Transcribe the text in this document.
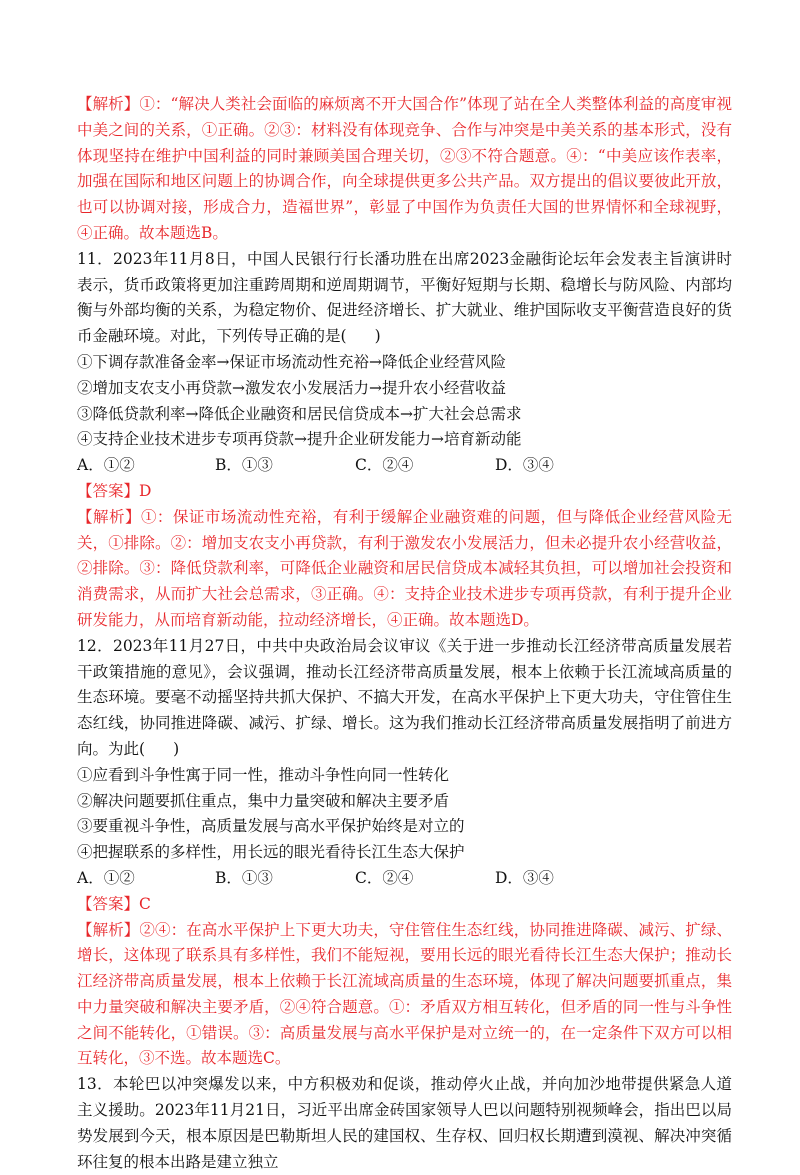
【解析】①：“解决人类社会面临的麻烦离不开大国合作”体现了站在全人类整体利益的高度审视中美之间的关系，①正确。②③：材料没有体现竞争、合作与冲突是中美关系的基本形式，没有体现坚持在维护中国利益的同时兼顾美国合理关切，②③不符合题意。④：“中美应该作表率，加强在国际和地区问题上的协调合作，向全球提供更多公共产品。双方提出的倡议要彼此开放，也可以协调对接，形成合力，造福世界”，彰显了中国作为负责任大国的世界情怀和全球视野，④正确。故本题选B。

11．2023年11月8日，中国人民银行行长潘功胜在出席2023金融街论坛年会发表主旨演讲时表示，货币政策将更加注重跨周期和逆周期调节，平衡好短期与长期、稳增长与防风险、内部均衡与外部均衡的关系，为稳定物价、促进经济增长、扩大就业、维护国际收支平衡营造良好的货币金融环境。对此，下列传导正确的是( )

①下调存款准备金率→保证市场流动性充裕→降低企业经营风险

②增加支农支小再贷款→激发农小发展活力→提升农小经营收益

③降低贷款利率→降低企业融资和居民信贷成本→扩大社会总需求

④支持企业技术进步专项再贷款→提升企业研发能力→培育新动能

A．①②	B．①③	C．②④	D．③④

【答案】D

【解析】①：保证市场流动性充裕，有利于缓解企业融资难的问题，但与降低企业经营风险无关，①排除。②：增加支农支小再贷款，有利于激发农小发展活力，但未必提升农小经营收益，②排除。③：降低贷款利率，可降低企业融资和居民信贷成本减轻其负担，可以增加社会投资和消费需求，从而扩大社会总需求，③正确。④：支持企业技术进步专项再贷款，有利于提升企业研发能力，从而培育新动能，拉动经济增长，④正确。故本题选D。

12．2023年11月27日，中共中央政治局会议审议《关于进一步推动长江经济带高质量发展若干政策措施的意见》，会议强调，推动长江经济带高质量发展，根本上依赖于长江流域高质量的生态环境。要毫不动摇坚持共抓大保护、不搞大开发，在高水平保护上下更大功夫，守住管住生态红线，协同推进降碳、减污、扩绿、增长。这为我们推动长江经济带高质量发展指明了前进方向。为此( )

①应看到斗争性寓于同一性，推动斗争性向同一性转化

②解决问题要抓住重点，集中力量突破和解决主要矛盾

③要重视斗争性，高质量发展与高水平保护始终是对立的

④把握联系的多样性，用长远的眼光看待长江生态大保护

A．①②	B．①③	C．②④	D．③④

【答案】C

【解析】②④：在高水平保护上下更大功夫，守住管住生态红线，协同推进降碳、减污、扩绿、增长，这体现了联系具有多样性，我们不能短视，要用长远的眼光看待长江生态大保护；推动长江经济带高质量发展，根本上依赖于长江流域高质量的生态环境，体现了解决问题要抓重点，集中力量突破和解决主要矛盾，②④符合题意。①：矛盾双方相互转化，但矛盾的同一性与斗争性之间不能转化，①错误。③：高质量发展与高水平保护是对立统一的，在一定条件下双方可以相互转化，③不选。故本题选C。

13．本轮巴以冲突爆发以来，中方积极劝和促谈，推动停火止战，并向加沙地带提供紧急人道主义援助。2023年11月21日，习近平出席金砖国家领导人巴以问题特别视频峰会，指出巴以局势发展到今天，根本原因是巴勒斯坦人民的建国权、生存权、回归权长期遭到漠视、解决冲突循环往复的根本出路是建立独立
